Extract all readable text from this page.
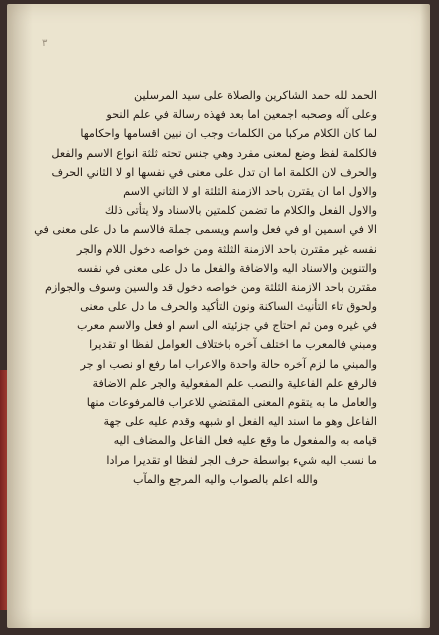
٣
الحمد لله حمد الشاكرين والصلاة على سيد المرسلين
وعلى آله وصحبه اجمعين اما بعد فهذه رسالة في علم النحو
لما كان الكلام مركبا من الكلمات وجب ان نبين اقسامها واحكامها
فالكلمة لفظ وضع لمعنى مفرد وهي جنس تحته ثلثة انواع الاسم والفعل
والحرف لان الكلمة اما ان تدل على معنى في نفسها او لا الثاني الحرف
والاول اما ان يقترن باحد الازمنة الثلثة او لا الثاني الاسم
والاول الفعل والكلام ما تضمن كلمتين بالاسناد ولا يتأتى ذلك
الا في اسمين او في فعل واسم ويسمى جملة فالاسم ما دل على معنى في
نفسه غير مقترن باحد الازمنة الثلثة ومن خواصه دخول اللام والجر
والتنوين والاسناد اليه والاضافة والفعل ما دل على معنى في نفسه
مقترن باحد الازمنة الثلثة ومن خواصه دخول قد والسين وسوف والجوازم
ولحوق تاء التأنيث الساكنة ونون التأكيد والحرف ما دل على معنى
في غيره ومن ثم احتاج في جزئيته الى اسم او فعل والاسم معرب
ومبني فالمعرب ما اختلف آخره باختلاف العوامل لفظا او تقديرا
والمبني ما لزم آخره حالة واحدة والاعراب اما رفع او نصب او جر
فالرفع علم الفاعلية والنصب علم المفعولية والجر علم الاضافة
والعامل ما به يتقوم المعنى المقتضي للاعراب فالمرفوعات منها
الفاعل وهو ما اسند اليه الفعل او شبهه وقدم عليه على جهة
قيامه به والمفعول ما وقع عليه فعل الفاعل والمضاف اليه
ما نسب اليه شيء بواسطة حرف الجر لفظا او تقديرا مرادا
والله اعلم بالصواب واليه المرجع والمآب
